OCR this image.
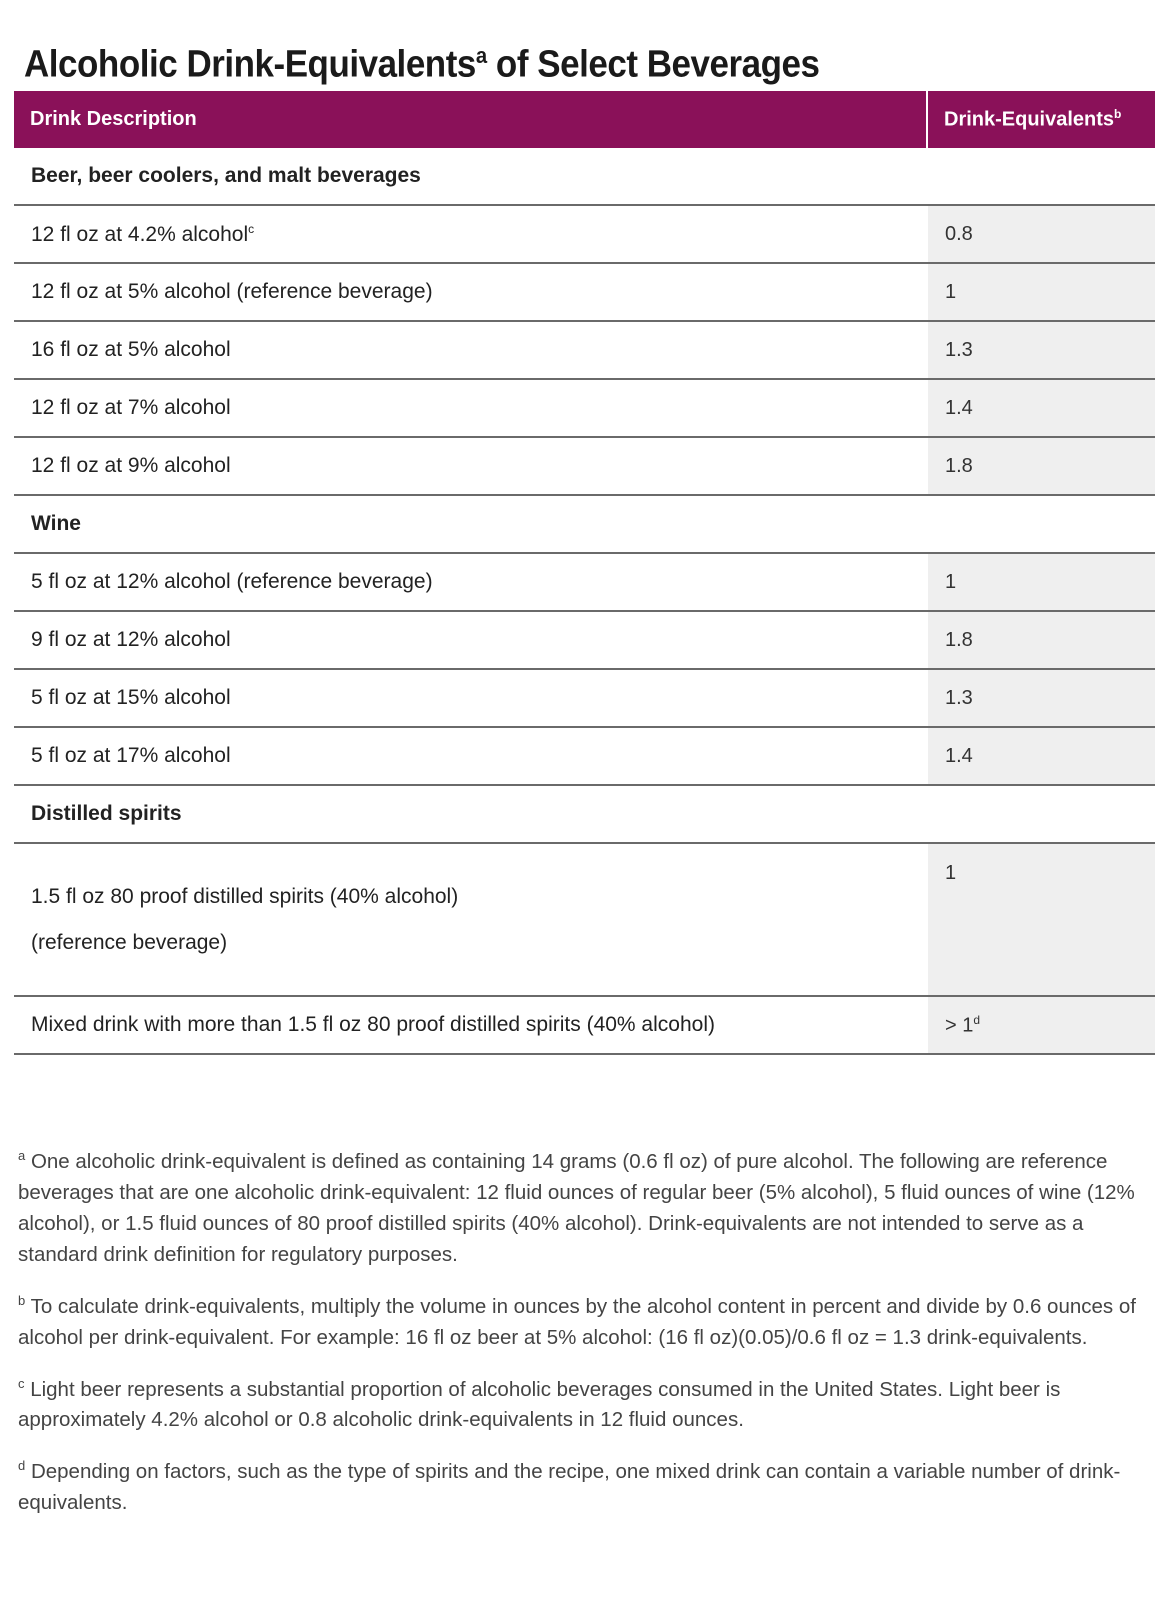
Alcoholic Drink-Equivalents$^a$ of Select Beverages
Drink Description	Drink-Equivalents$^b$
Beer, beer coolers, and malt beverages	
12 fl oz at 4.2% alcohol$^c$	0.8
12 fl oz at 5% alcohol (reference beverage)	1
16 fl oz at 5% alcohol	1.3
12 fl oz at 7% alcohol	1.4
12 fl oz at 9% alcohol	1.8
Wine	
5 fl oz at 12% alcohol (reference beverage)	1
9 fl oz at 12% alcohol	1.8
5 fl oz at 15% alcohol	1.3
5 fl oz at 17% alcohol	1.4
Distilled spirits	
1.5 fl oz 80 proof distilled spirits (40% alcohol)
(reference beverage)	1
Mixed drink with more than 1.5 fl oz 80 proof distilled spirits (40% alcohol)	> $1^d$

$^a$ One alcoholic drink-equivalent is defined as containing 14 grams (0.6 fl oz) of pure alcohol. The following are reference beverages that are one alcoholic drink-equivalent: 12 fluid ounces of regular beer (5% alcohol), 5 fluid ounces of wine (12% alcohol), or 1.5 fluid ounces of 80 proof distilled spirits (40% alcohol). Drink-equivalents are not intended to serve as a standard drink definition for regulatory purposes.

$^b$ To calculate drink-equivalents, multiply the volume in ounces by the alcohol content in percent and divide by 0.6 ounces of alcohol per drink-equivalent. For example: 16 fl oz beer at 5% alcohol: (16 fl oz)(0.05)/0.6 fl oz = 1.3 drink-equivalents.

$^c$ Light beer represents a substantial proportion of alcoholic beverages consumed in the United States. Light beer is approximately 4.2% alcohol or 0.8 alcoholic drink-equivalents in 12 fluid ounces.

$^d$ Depending on factors, such as the type of spirits and the recipe, one mixed drink can contain a variable number of drink-equivalents.
